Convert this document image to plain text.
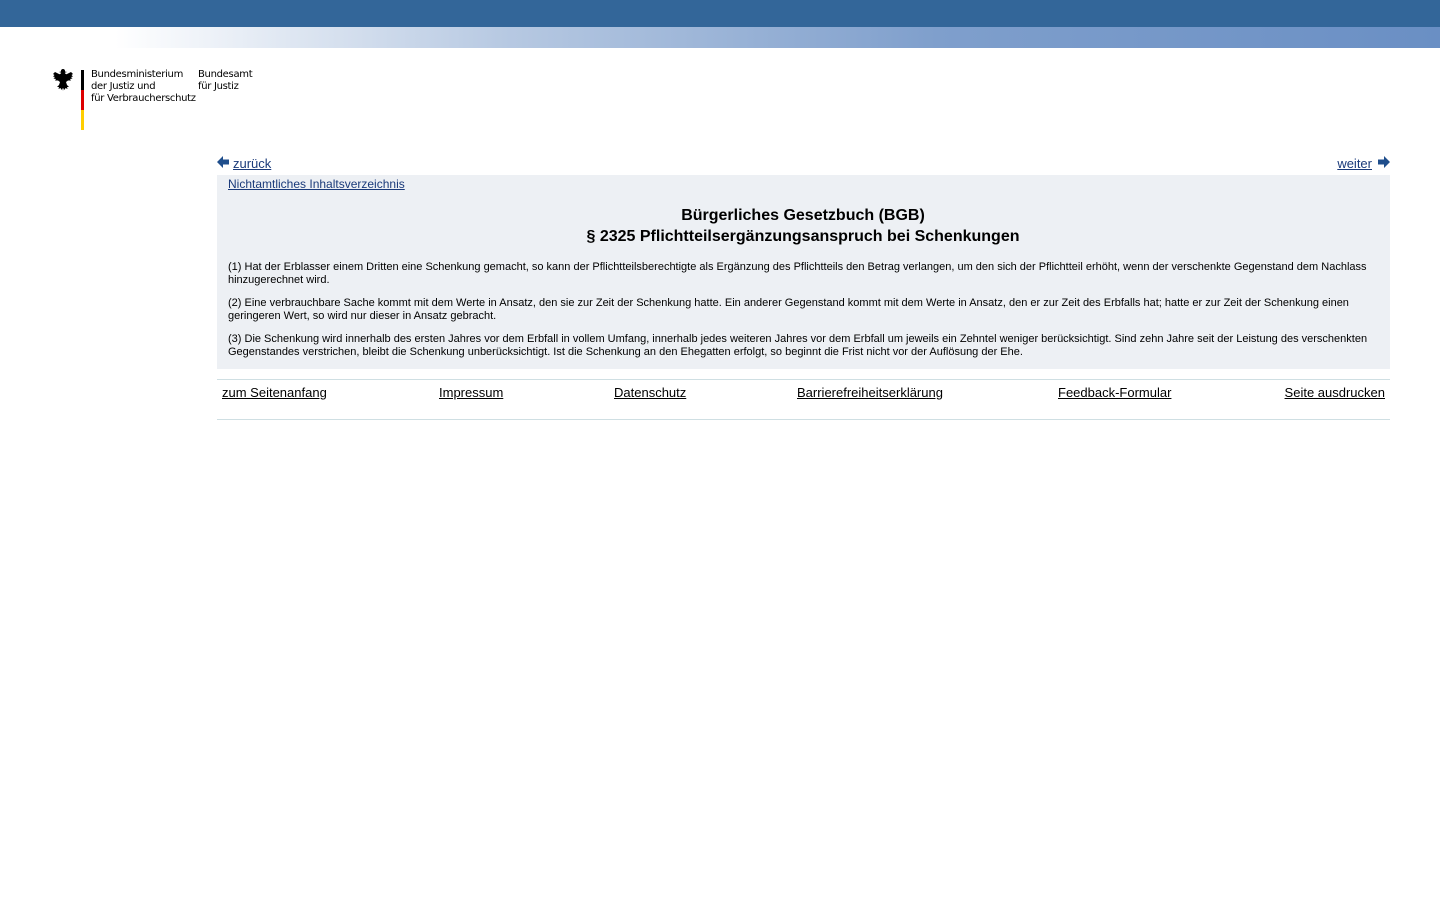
Bundesministerium
der Justiz und
für Verbraucherschutz
Bundesamt
für Justiz
zurück	weiter
Nichtamtliches Inhaltsverzeichnis
Bürgerliches Gesetzbuch (BGB)
§ 2325 Pflichtteilsergänzungsanspruch bei Schenkungen

(1) Hat der Erblasser einem Dritten eine Schenkung gemacht, so kann der Pflichtteilsberechtigte als Ergänzung des Pflichtteils den Betrag verlangen, um den sich der Pflichtteil erhöht, wenn der verschenkte Gegenstand dem Nachlass hinzugerechnet wird.

(2) Eine verbrauchbare Sache kommt mit dem Werte in Ansatz, den sie zur Zeit der Schenkung hatte. Ein anderer Gegenstand kommt mit dem Werte in Ansatz, den er zur Zeit des Erbfalls hat; hatte er zur Zeit der Schenkung einen geringeren Wert, so wird nur dieser in Ansatz gebracht.

(3) Die Schenkung wird innerhalb des ersten Jahres vor dem Erbfall in vollem Umfang, innerhalb jedes weiteren Jahres vor dem Erbfall um jeweils ein Zehntel weniger berücksichtigt. Sind zehn Jahre seit der Leistung des verschenkten Gegenstandes verstrichen, bleibt die Schenkung unberücksichtigt. Ist die Schenkung an den Ehegatten erfolgt, so beginnt die Frist nicht vor der Auflösung der Ehe.

zum Seitenanfang	Impressum	Datenschutz	Barrierefreiheitserklärung	Feedback-Formular	Seite ausdrucken
